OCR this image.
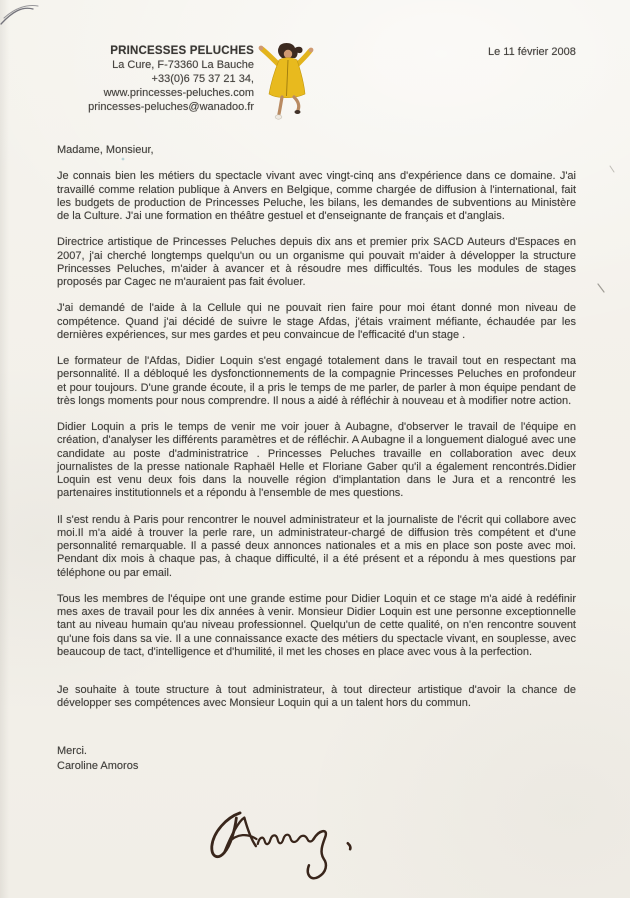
PRINCESSES PELUCHES
La Cure, F-73360 La Bauche
+33(0)6 75 37 21 34,
www.princesses-peluches.com
princesses-peluches@wanadoo.fr
Le 11 février 2008

Madame, Monsieur,

Je connais bien les métiers du spectacle vivant avec vingt-cinq ans d'expérience dans ce domaine. J'ai travaillé comme relation publique à Anvers en Belgique, comme chargée de diffusion à l'international, fait les budgets de production de Princesses Peluche, les bilans, les demandes de subventions au Ministère de la Culture. J'ai une formation en théâtre gestuel et d'enseignante de français et d'anglais.

Directrice artistique de Princesses Peluches depuis dix ans et premier prix SACD Auteurs d'Espaces en 2007, j'ai cherché longtemps quelqu'un ou un organisme qui pouvait m'aider à développer la structure Princesses Peluches, m'aider à avancer et à résoudre mes difficultés. Tous les modules de stages proposés par Cagec ne m'auraient pas fait évoluer.

J'ai demandé de l'aide à la Cellule qui ne pouvait rien faire pour moi étant donné mon niveau de compétence. Quand j'ai décidé de suivre le stage Afdas, j'étais vraiment méfiante, échaudée par les dernières expériences, sur mes gardes et peu convaincue de l'efficacité d'un stage .

Le formateur de l'Afdas, Didier Loquin s'est engagé totalement dans le travail tout en respectant ma personnalité. Il a débloqué les dysfonctionnements de la compagnie Princesses Peluches en profondeur et pour toujours. D'une grande écoute, il a pris le temps de me parler, de parler à mon équipe pendant de très longs moments pour nous comprendre. Il nous a aidé à réfléchir à nouveau et à modifier notre action.

Didier Loquin a pris le temps de venir me voir jouer à Aubagne, d'observer le travail de l'équipe en création, d'analyser les différents paramètres et de réfléchir. A Aubagne il a longuement dialogué avec une candidate au poste d'administratrice . Princesses Peluches travaille en collaboration avec deux journalistes de la presse nationale Raphaël Helle et Floriane Gaber qu'il a également rencontrés.Didier Loquin est venu deux fois dans la nouvelle région d'implantation dans le Jura et a rencontré les partenaires institutionnels et a répondu à l'ensemble de mes questions.

Il s'est rendu à Paris pour rencontrer le nouvel administrateur et la journaliste de l'écrit qui collabore avec moi.Il m'a aidé à trouver la perle rare, un administrateur-chargé de diffusion très compétent et d'une personnalité remarquable. Il a passé deux annonces nationales et a mis en place son poste avec moi. Pendant dix mois à chaque pas, à chaque difficulté, il a été présent et a répondu à mes questions par téléphone ou par email.

Tous les membres de l'équipe ont une grande estime pour Didier Loquin et ce stage m'a aidé à redéfinir mes axes de travail pour les dix années à venir. Monsieur Didier Loquin est une personne exceptionnelle tant au niveau humain qu'au niveau professionnel. Quelqu'un de cette qualité, on n'en rencontre souvent qu'une fois dans sa vie. Il a une connaissance exacte des métiers du spectacle vivant, en souplesse, avec beaucoup de tact, d'intelligence et d'humilité, il met les choses en place avec vous à la perfection.

Je souhaite à toute structure à tout administrateur, à tout directeur artistique d'avoir la chance de développer ses compétences avec Monsieur Loquin qui a un talent hors du commun.

Merci.

Caroline Amoros
